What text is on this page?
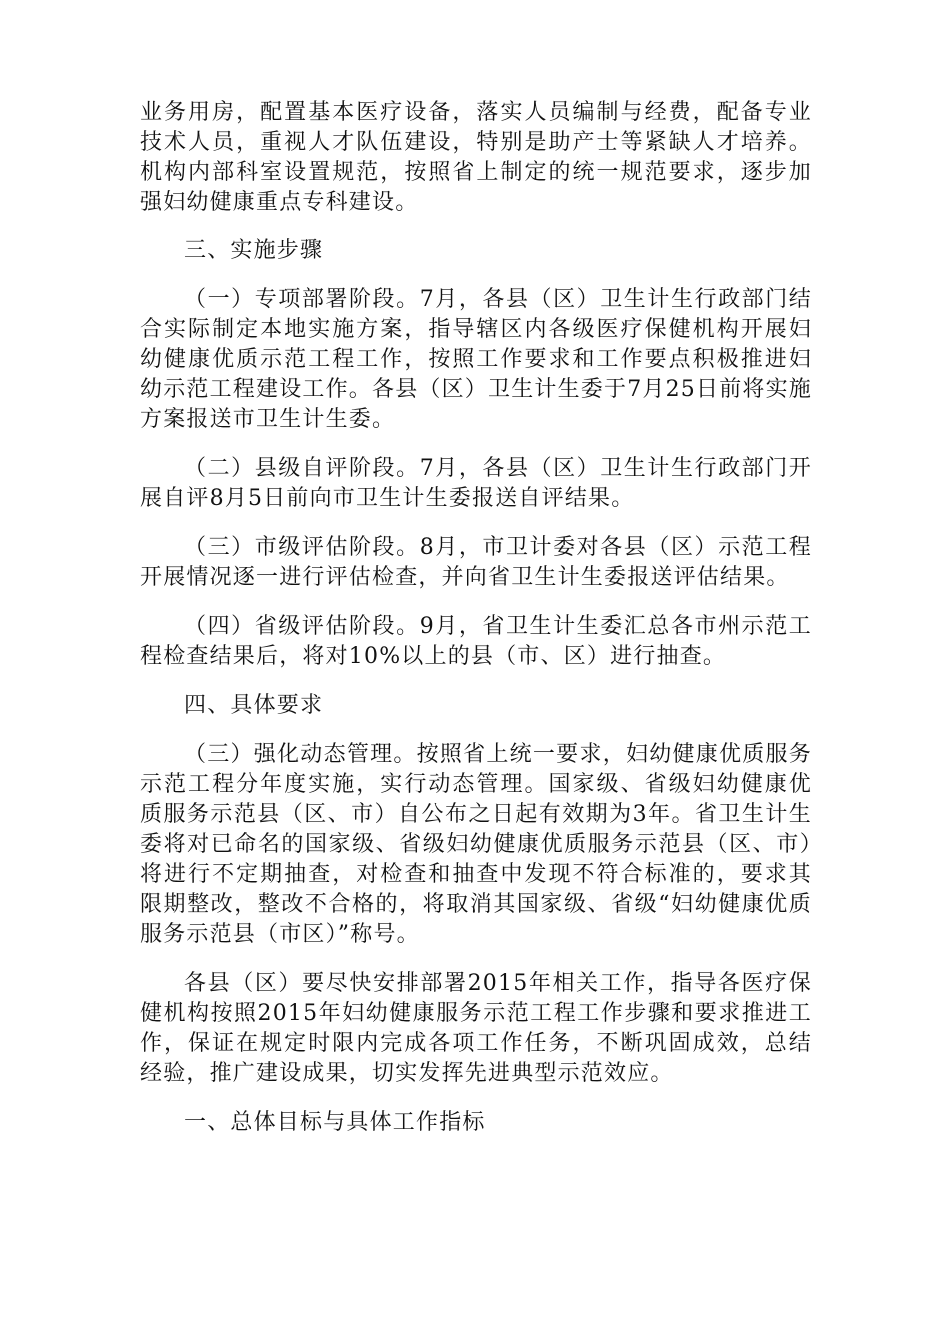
业务用房，配置基本医疗设备，落实人员编制与经费，配备专业技术人员，重视人才队伍建设，特别是助产士等紧缺人才培养。机构内部科室设置规范，按照省上制定的统一规范要求，逐步加强妇幼健康重点专科建设。

三、实施步骤

（一）专项部署阶段。7月，各县（区）卫生计生行政部门结合实际制定本地实施方案，指导辖区内各级医疗保健机构开展妇幼健康优质示范工程工作，按照工作要求和工作要点积极推进妇幼示范工程建设工作。各县（区）卫生计生委于7月25日前将实施方案报送市卫生计生委。

（二）县级自评阶段。7月，各县（区）卫生计生行政部门开展自评8月5日前向市卫生计生委报送自评结果。

（三）市级评估阶段。8月，市卫计委对各县（区）示范工程开展情况逐一进行评估检查，并向省卫生计生委报送评估结果。

（四）省级评估阶段。9月，省卫生计生委汇总各市州示范工程检查结果后，将对10%以上的县（市、区）进行抽查。

四、具体要求

（三）强化动态管理。按照省上统一要求，妇幼健康优质服务示范工程分年度实施，实行动态管理。国家级、省级妇幼健康优质服务示范县（区、市）自公布之日起有效期为3年。省卫生计生委将对已命名的国家级、省级妇幼健康优质服务示范县（区、市）将进行不定期抽查，对检查和抽查中发现不符合标准的，要求其限期整改，整改不合格的，将取消其国家级、省级“妇幼健康优质服务示范县（市区）”称号。

各县（区）要尽快安排部署2015年相关工作，指导各医疗保健机构按照2015年妇幼健康服务示范工程工作步骤和要求推进工作，保证在规定时限内完成各项工作任务，不断巩固成效，总结经验，推广建设成果，切实发挥先进典型示范效应。

一、总体目标与具体工作指标
